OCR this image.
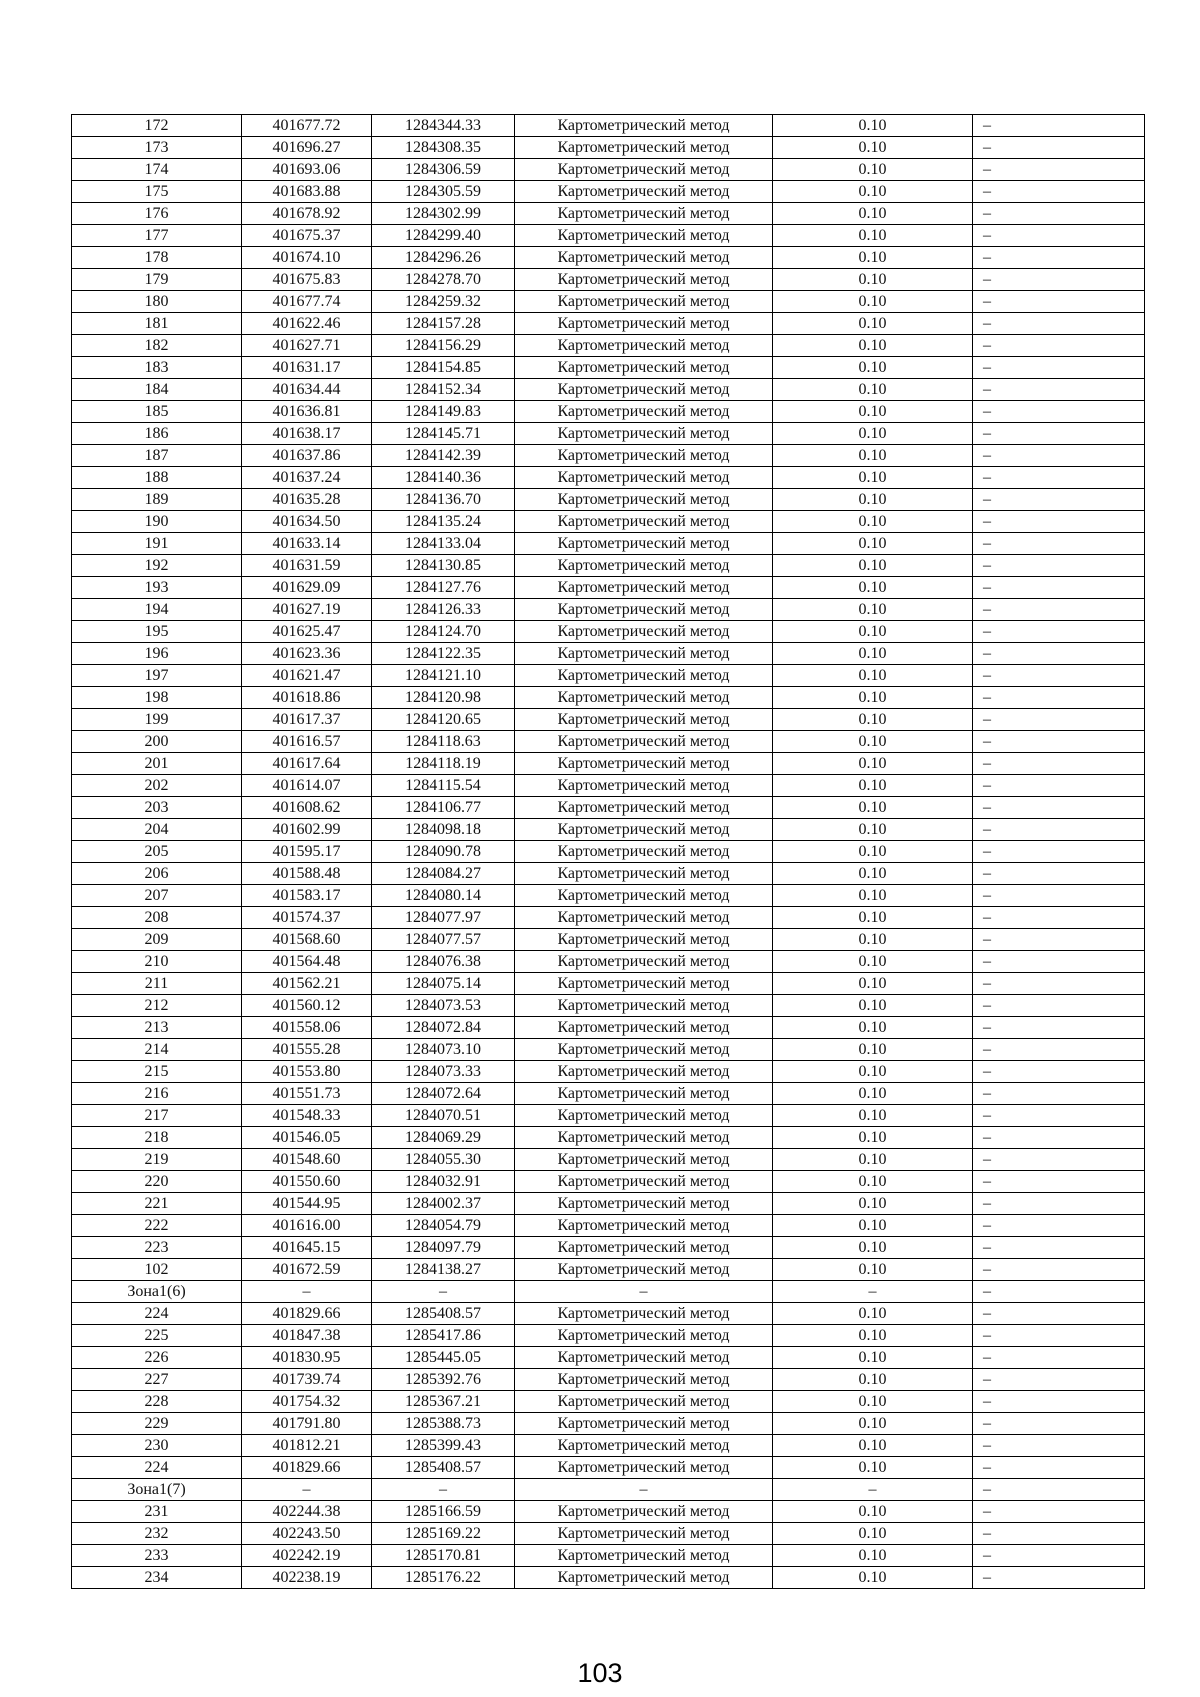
172	401677.72	1284344.33	Картометрический метод	0.10	–
173	401696.27	1284308.35	Картометрический метод	0.10	–
174	401693.06	1284306.59	Картометрический метод	0.10	–
175	401683.88	1284305.59	Картометрический метод	0.10	–
176	401678.92	1284302.99	Картометрический метод	0.10	–
177	401675.37	1284299.40	Картометрический метод	0.10	–
178	401674.10	1284296.26	Картометрический метод	0.10	–
179	401675.83	1284278.70	Картометрический метод	0.10	–
180	401677.74	1284259.32	Картометрический метод	0.10	–
181	401622.46	1284157.28	Картометрический метод	0.10	–
182	401627.71	1284156.29	Картометрический метод	0.10	–
183	401631.17	1284154.85	Картометрический метод	0.10	–
184	401634.44	1284152.34	Картометрический метод	0.10	–
185	401636.81	1284149.83	Картометрический метод	0.10	–
186	401638.17	1284145.71	Картометрический метод	0.10	–
187	401637.86	1284142.39	Картометрический метод	0.10	–
188	401637.24	1284140.36	Картометрический метод	0.10	–
189	401635.28	1284136.70	Картометрический метод	0.10	–
190	401634.50	1284135.24	Картометрический метод	0.10	–
191	401633.14	1284133.04	Картометрический метод	0.10	–
192	401631.59	1284130.85	Картометрический метод	0.10	–
193	401629.09	1284127.76	Картометрический метод	0.10	–
194	401627.19	1284126.33	Картометрический метод	0.10	–
195	401625.47	1284124.70	Картометрический метод	0.10	–
196	401623.36	1284122.35	Картометрический метод	0.10	–
197	401621.47	1284121.10	Картометрический метод	0.10	–
198	401618.86	1284120.98	Картометрический метод	0.10	–
199	401617.37	1284120.65	Картометрический метод	0.10	–
200	401616.57	1284118.63	Картометрический метод	0.10	–
201	401617.64	1284118.19	Картометрический метод	0.10	–
202	401614.07	1284115.54	Картометрический метод	0.10	–
203	401608.62	1284106.77	Картометрический метод	0.10	–
204	401602.99	1284098.18	Картометрический метод	0.10	–
205	401595.17	1284090.78	Картометрический метод	0.10	–
206	401588.48	1284084.27	Картометрический метод	0.10	–
207	401583.17	1284080.14	Картометрический метод	0.10	–
208	401574.37	1284077.97	Картометрический метод	0.10	–
209	401568.60	1284077.57	Картометрический метод	0.10	–
210	401564.48	1284076.38	Картометрический метод	0.10	–
211	401562.21	1284075.14	Картометрический метод	0.10	–
212	401560.12	1284073.53	Картометрический метод	0.10	–
213	401558.06	1284072.84	Картометрический метод	0.10	–
214	401555.28	1284073.10	Картометрический метод	0.10	–
215	401553.80	1284073.33	Картометрический метод	0.10	–
216	401551.73	1284072.64	Картометрический метод	0.10	–
217	401548.33	1284070.51	Картометрический метод	0.10	–
218	401546.05	1284069.29	Картометрический метод	0.10	–
219	401548.60	1284055.30	Картометрический метод	0.10	–
220	401550.60	1284032.91	Картометрический метод	0.10	–
221	401544.95	1284002.37	Картометрический метод	0.10	–
222	401616.00	1284054.79	Картометрический метод	0.10	–
223	401645.15	1284097.79	Картометрический метод	0.10	–
102	401672.59	1284138.27	Картометрический метод	0.10	–
Зона1(6)	–	–	–	–	–
224	401829.66	1285408.57	Картометрический метод	0.10	–
225	401847.38	1285417.86	Картометрический метод	0.10	–
226	401830.95	1285445.05	Картометрический метод	0.10	–
227	401739.74	1285392.76	Картометрический метод	0.10	–
228	401754.32	1285367.21	Картометрический метод	0.10	–
229	401791.80	1285388.73	Картометрический метод	0.10	–
230	401812.21	1285399.43	Картометрический метод	0.10	–
224	401829.66	1285408.57	Картометрический метод	0.10	–
Зона1(7)	–	–	–	–	–
231	402244.38	1285166.59	Картометрический метод	0.10	–
232	402243.50	1285169.22	Картометрический метод	0.10	–
233	402242.19	1285170.81	Картометрический метод	0.10	–
234	402238.19	1285176.22	Картометрический метод	0.10	–
103
